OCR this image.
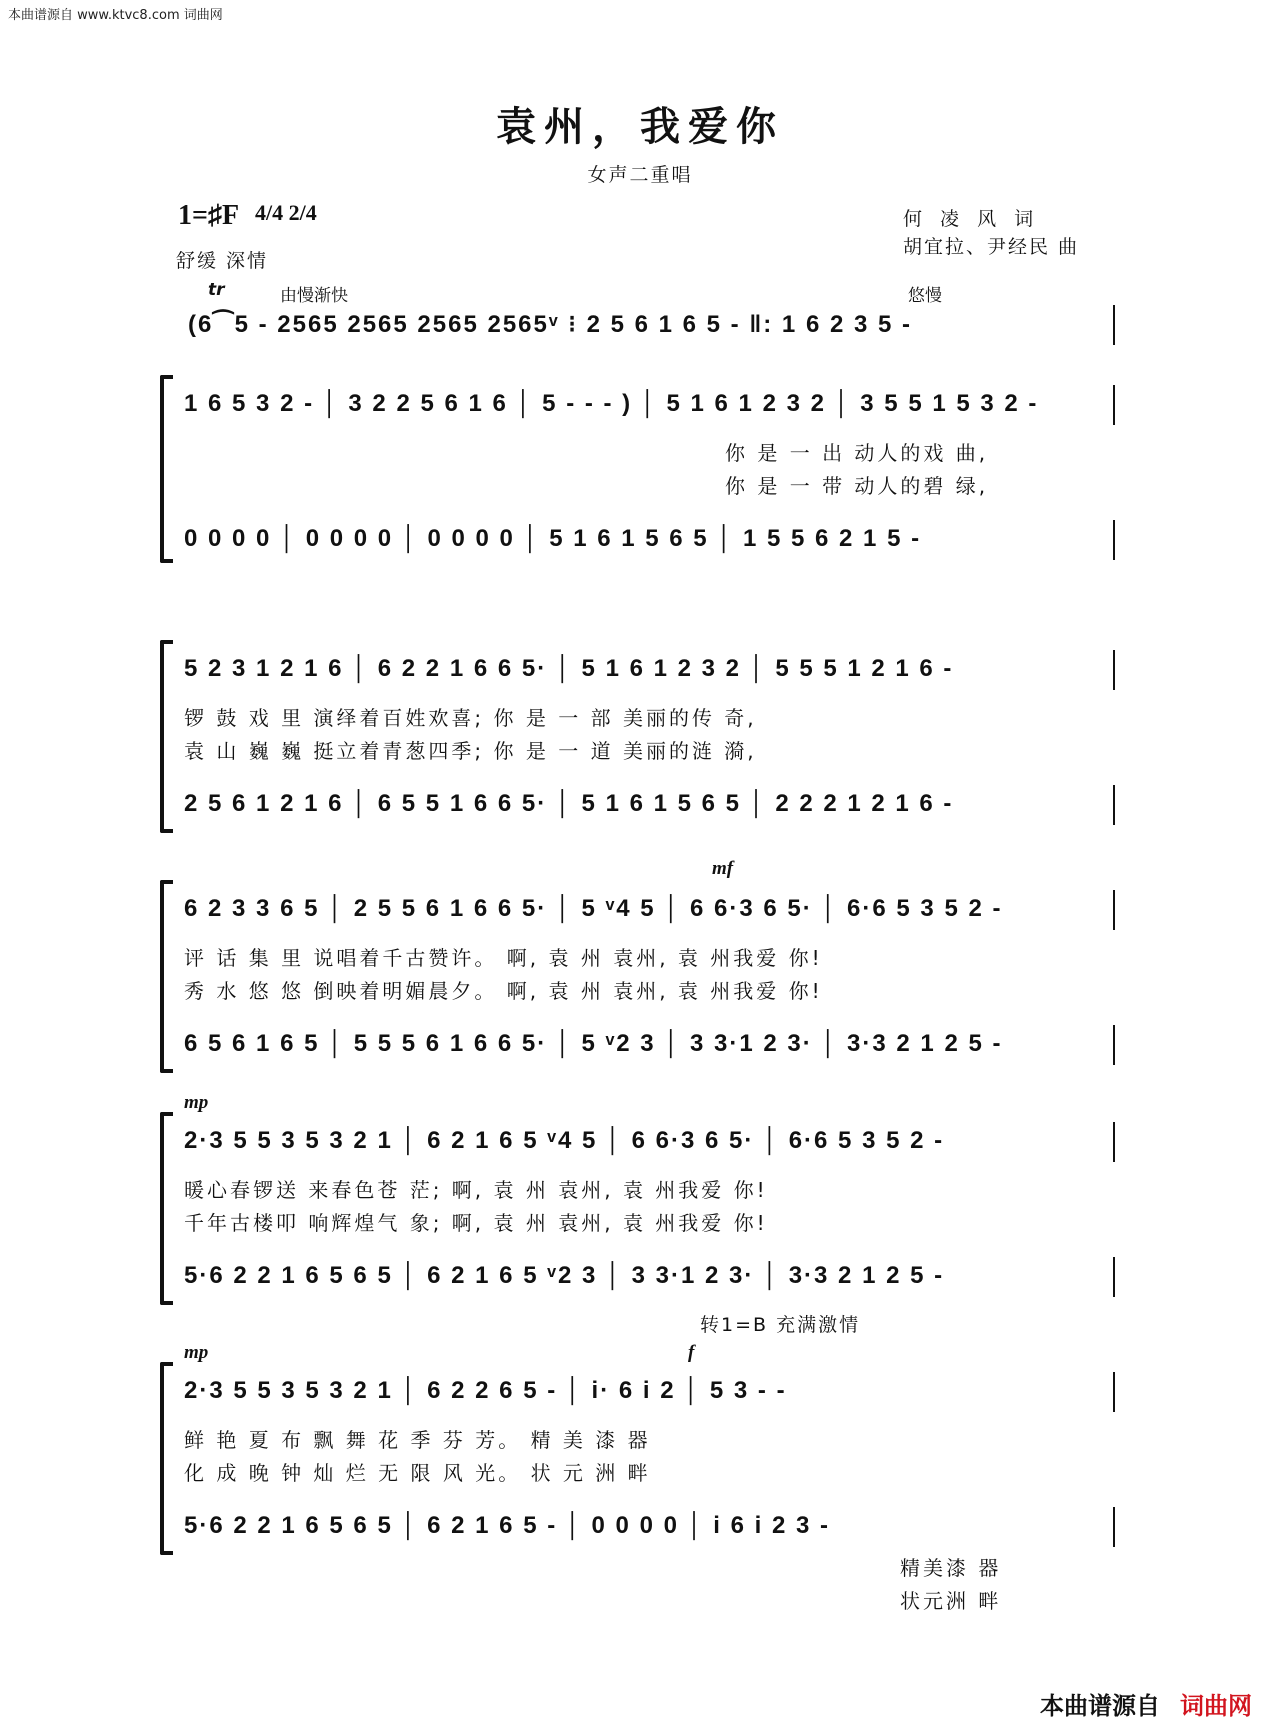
本曲谱源自 www.ktvc8.com 词曲网
袁州，我爱你
女声二重唱
1=♯F 4/4 2/4
舒缓 深情
何 凌 风 词
胡宜拉、尹经民 曲
tr	由慢渐快	悠慢
(6⁀5 - 2565 2565 2565 2565ᵛ ⁝ 2 5 6 1 6 5 - ‖: 1 6 2 3 5 -
1 6 5 3 2 - │ 3 2 2 5 6 1 6 │ 5 - - - ) │ 5 1 6 1 2 3 2 │ 3 5 5 1 5 3 2 -
你 是 一 出 动人的戏 曲,
你 是 一 带 动人的碧 绿,
0 0 0 0 │ 0 0 0 0 │ 0 0 0 0 │ 5 1 6 1 5 6 5 │ 1 5 5 6 2 1 5 -
5 2 3 1 2 1 6 │ 6 2 2 1 6 6 5· │ 5 1 6 1 2 3 2 │ 5 5 5 1 2 1 6 -
锣 鼓 戏 里 演绎着百姓欢喜; 你 是 一 部 美丽的传 奇,
袁 山 巍 巍 挺立着青葱四季; 你 是 一 道 美丽的涟 漪,
2 5 6 1 2 1 6 │ 6 5 5 1 6 6 5· │ 5 1 6 1 5 6 5 │ 2 2 2 1 2 1 6 -
mf
6 2 3 3 6 5 │ 2 5 5 6 1 6 6 5· │ 5 ᵛ4 5 │ 6 6·3 6 5· │ 6·6 5 3 5 2 -
评 话 集 里 说唱着千古赞许。 啊, 袁 州 袁州, 袁 州我爱 你!
秀 水 悠 悠 倒映着明媚晨夕。 啊, 袁 州 袁州, 袁 州我爱 你!
6 5 6 1 6 5 │ 5 5 5 6 1 6 6 5· │ 5 ᵛ2 3 │ 3 3·1 2 3· │ 3·3 2 1 2 5 -
mp
2·3 5 5 3 5 3 2 1 │ 6 2 1 6 5 ᵛ4 5 │ 6 6·3 6 5· │ 6·6 5 3 5 2 -
暖心春锣送 来春色苍 茫; 啊, 袁 州 袁州, 袁 州我爱 你!
千年古楼叩 响辉煌气 象; 啊, 袁 州 袁州, 袁 州我爱 你!
5·6 2 2 1 6 5 6 5 │ 6 2 1 6 5 ᵛ2 3 │ 3 3·1 2 3· │ 3·3 2 1 2 5 -
转1=B 充满激情
mp	f
2·3 5 5 3 5 3 2 1 │ 6 2 2 6 5 - │ i· 6 i 2 │ 5 3 - -
鲜 艳 夏 布 飘 舞 花 季 芬 芳。 精 美 漆 器
化 成 晚 钟 灿 烂 无 限 风 光。 状 元 洲 畔
5·6 2 2 1 6 5 6 5 │ 6 2 1 6 5 - │ 0 0 0 0 │ i 6 i 2 3 -
精美漆 器
状元洲 畔
本曲谱源自 词曲网
